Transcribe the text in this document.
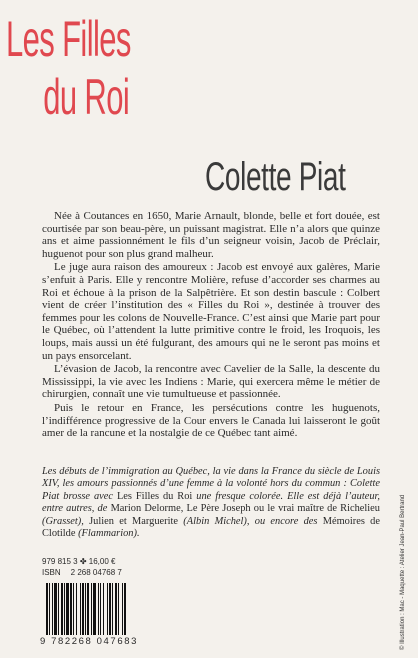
Les Filles
du Roi
Colette Piat

Née à Coutances en 1650, Marie Arnault, blonde, belle et fort douée, est courtisée par son beau-père, un puissant magistrat. Elle n’a alors que quinze ans et aime passionnément le fils d’un seigneur voisin, Jacob de Préclair, huguenot pour son plus grand malheur.

Le juge aura raison des amoureux : Jacob est envoyé aux galères, Marie s’enfuit à Paris. Elle y rencontre Molière, refuse d’accorder ses charmes au Roi et échoue à la prison de la Salpêtrière. Et son destin bascule : Colbert vient de créer l’institution des « Filles du Roi », destinée à trouver des femmes pour les colons de Nouvelle-France. C’est ainsi que Marie part pour le Québec, où l’attendent la lutte primitive contre le froid, les Iroquois, les loups, mais aussi un été fulgurant, des amours qui ne le seront pas moins et un pays ensorcelant.

L’évasion de Jacob, la rencontre avec Cavelier de la Salle, la descente du Mississippi, la vie avec les Indiens : Marie, qui exercera même le métier de chirurgien, connaît une vie tumultueuse et passionnée.

Puis le retour en France, les persécutions contre les huguenots, l’indifférence progressive de la Cour envers le Canada lui laisseront le goût amer de la rancune et la nostalgie de ce Québec tant aimé.

Les débuts de l’immigration au Québec, la vie dans la France du siècle de Louis XIV, les amours passionnés d’une femme à la volonté hors du commun : Colette Piat brosse avec Les Filles du Roi une fresque colorée. Elle est déjà l’auteur, entre autres, de Marion Delorme, Le Père Joseph ou le vrai maître de Richelieu (Grasset), Julien et Marguerite (Albin Michel), ou encore des Mémoires de Clotilde (Flammarion).
979 815 3 ✤ 16,00 €
ISBN 2 268 04768 7
9 782268 047683	© Illustration : Mac - Maquette : Atelier Jean-Paul Bertrand
